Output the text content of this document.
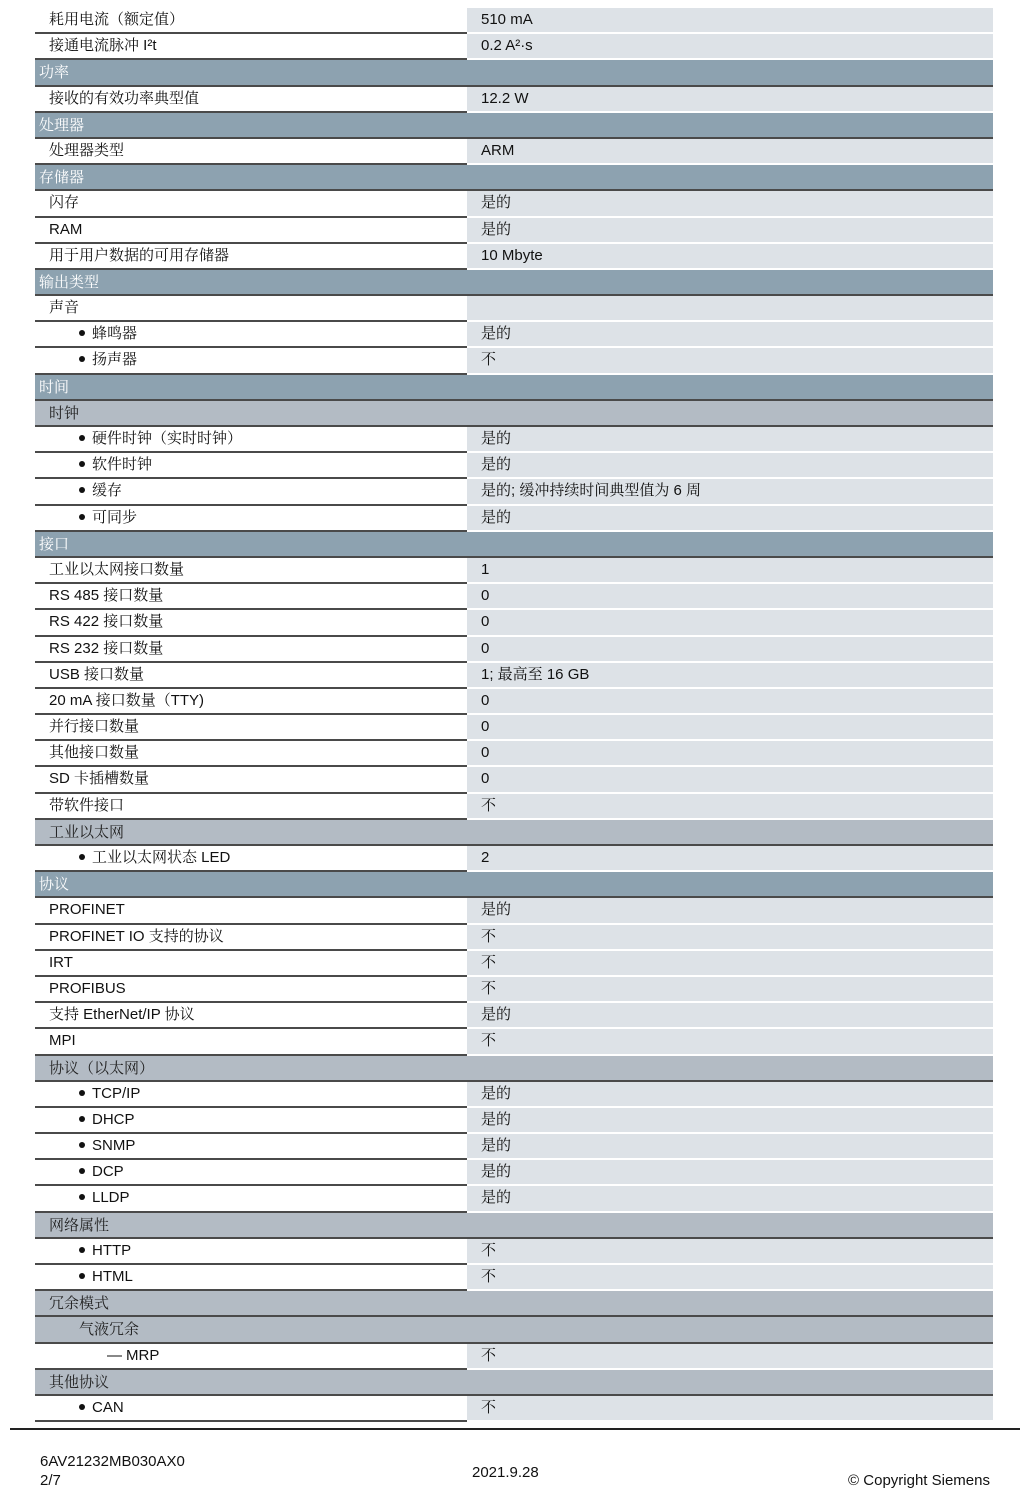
耗用电流（额定值）	510 mA
接通电流脉冲 I²t	0.2 A²·s
功率
接收的有效功率典型值	12.2 W
处理器
处理器类型	ARM
存储器
闪存	是的
RAM	是的
用于用户数据的可用存储器	10 Mbyte
输出类型
声音
蜂鸣器	是的
扬声器	不
时间
时钟
硬件时钟（实时时钟）	是的
软件时钟	是的
缓存	是的; 缓冲持续时间典型值为 6 周
可同步	是的
接口
工业以太网接口数量	1
RS 485 接口数量	0
RS 422 接口数量	0
RS 232 接口数量	0
USB 接口数量	1; 最高至 16 GB
20 mA 接口数量（TTY)	0
并行接口数量	0
其他接口数量	0
SD 卡插槽数量	0
带软件接口	不
工业以太网
工业以太网状态 LED	2
协议
PROFINET	是的
PROFINET IO 支持的协议	不
IRT	不
PROFIBUS	不
支持 EtherNet/IP 协议	是的
MPI	不
协议（以太网）
TCP/IP	是的
DHCP	是的
SNMP	是的
DCP	是的
LLDP	是的
网络属性
HTTP	不
HTML	不
冗余模式
气液冗余
— MRP	不
其他协议
CAN	不
6AV21232MB030AX0
2/7	2021.9.28	© Copyright Siemens
